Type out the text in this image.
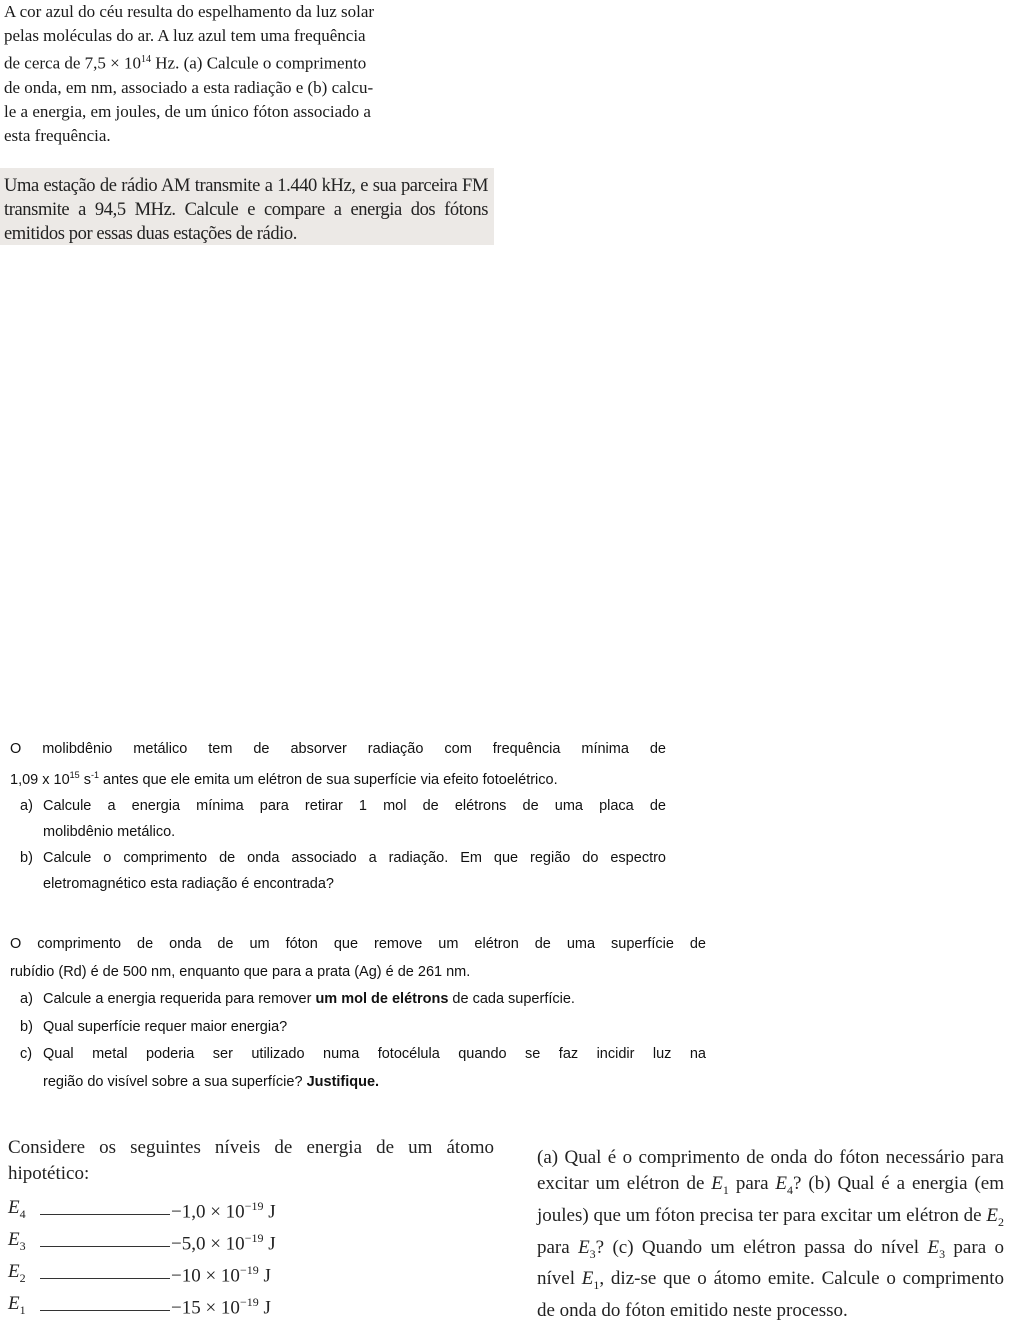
A cor azul do céu resulta do espelhamento da luz solar
pelas moléculas do ar. A luz azul tem uma frequência
de cerca de $7,5 \times 10^{14}$ Hz. (a) Calcule o comprimento
de onda, em nm, associado a esta radiação e (b) calcu-
le a energia, em joules, de um único fóton associado a
esta frequência.

Uma estação de rádio AM transmite a 1.440 kHz, e sua parceira FM transmite a 94,5 MHz. Calcule e compare a energia dos fótons emitidos por essas duas estações de rádio.

O molibdênio metálico tem de absorver radiação com frequência mínima de

1,09 x $10^{15}$ $s^{-1}$ antes que ele emita um elétron de sua superfície via efeito fotoelétrico.

a) Calcule a energia mínima para retirar 1 mol de elétrons de uma placa de

molibdênio metálico.

b) Calcule o comprimento de onda associado a radiação. Em que região do espectro

eletromagnético esta radiação é encontrada?

O comprimento de onda de um fóton que remove um elétron de uma superfície de

rubídio (Rd) é de 500 nm, enquanto que para a prata (Ag) é de 261 nm.

a) Calcule a energia requerida para remover um mol de elétrons de cada superfície.
b) Qual superfície requer maior energia?
c) Qual metal poderia ser utilizado numa fotocélula quando se faz incidir luz na

região do visível sobre a sua superfície? Justifique.

Considere os seguintes níveis de energia de um átomo hipotético:

$E_4$	$-1,0 \times 10^{-19}$ J
$E_3$	$-5,0 \times 10^{-19}$ J
$E_2$	$-10 \times 10^{-19}$ J
$E_1$	$-15 \times 10^{-19}$ J
(a) Qual é o comprimento de onda do fóton necessário para excitar um elétron de $E_1$ para $E_4$? (b) Qual é a energia (em joules) que um fóton precisa ter para excitar um elétron de $E_2$ para $E_3$? (c) Quando um elétron passa do nível $E_3$ para o nível $E_1$, diz-se que o átomo emite. Calcule o comprimento de onda do fóton emitido neste processo.
